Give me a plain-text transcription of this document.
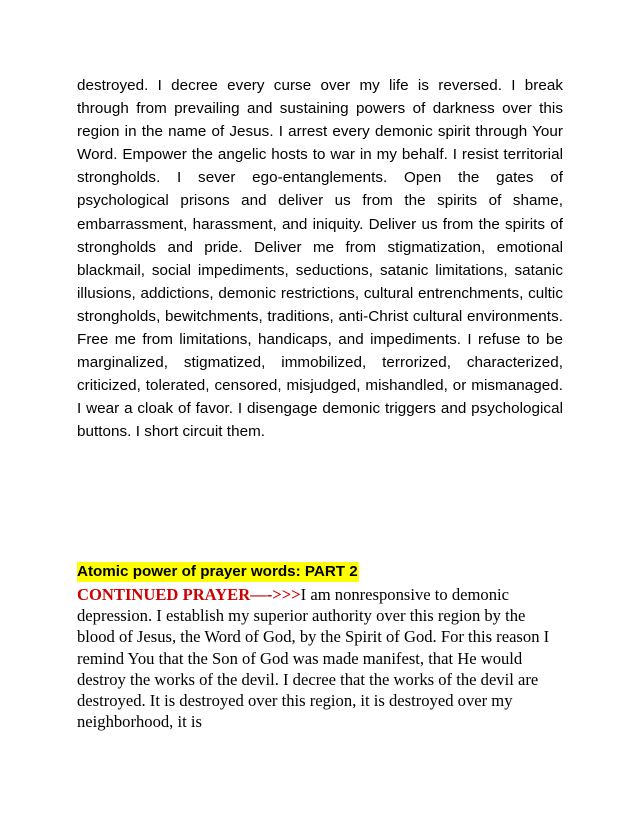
destroyed. I decree every curse over my life is reversed. I break through from prevailing and sustaining powers of darkness over this region in the name of Jesus. I arrest every demonic spirit through Your Word. Empower the angelic hosts to war in my behalf. I resist territorial strongholds. I sever ego-entanglements. Open the gates of psychological prisons and deliver us from the spirits of shame, embarrassment, harassment, and iniquity. Deliver us from the spirits of strongholds and pride. Deliver me from stigmatization, emotional blackmail, social impediments, seductions, satanic limitations, satanic illusions, addictions, demonic restrictions, cultural entrenchments, cultic strongholds, bewitchments, traditions, anti-Christ cultural environments. Free me from limitations, handicaps, and impediments. I refuse to be marginalized, stigmatized, immobilized, terrorized, characterized, criticized, tolerated, censored, misjudged, mishandled, or mismanaged. I wear a cloak of favor. I disengage demonic triggers and psychological buttons. I short circuit them.

Atomic power of prayer words: PART 2

CONTINUED PRAYER—->>>I am nonresponsive to demonic depression. I establish my superior authority over this region by the blood of Jesus, the Word of God, by the Spirit of God. For this reason I remind You that the Son of God was made manifest, that He would destroy the works of the devil. I decree that the works of the devil are destroyed. It is destroyed over this region, it is destroyed over my neighborhood, it is
